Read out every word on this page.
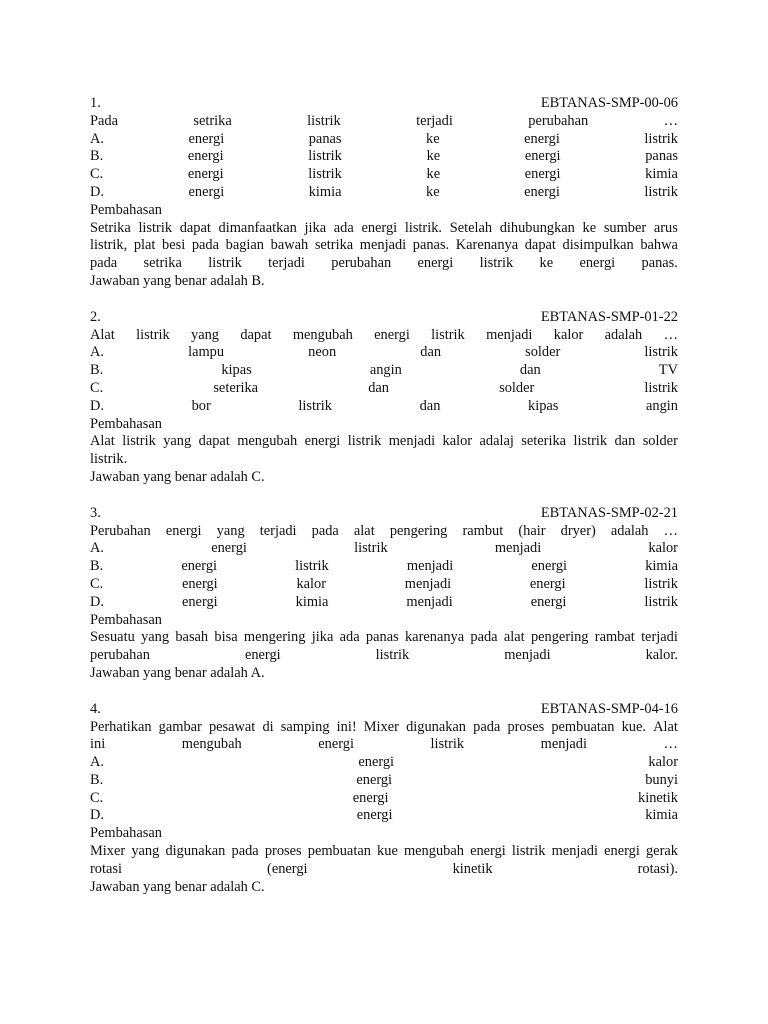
1.	EBTANAS-SMP-00-06
Pada	setrika	listrik	terjadi	perubahan	…
A.	energi	panas	ke	energi	listrik
B.	energi	listrik	ke	energi	panas
C.	energi	listrik	ke	energi	kimia
D.	energi	kimia	ke	energi	listrik
Pembahasan
Setrika listrik dapat dimanfaatkan jika ada energi listrik. Setelah dihubungkan ke sumber arus
listrik, plat besi pada bagian bawah setrika menjadi panas. Karenanya dapat disimpulkan bahwa
pada setrika listrik terjadi perubahan energi listrik ke energi panas.
Jawaban yang benar adalah B.
2.	EBTANAS-SMP-01-22
Alat listrik yang dapat mengubah energi listrik menjadi kalor adalah …
A.	lampu	neon	dan	solder	listrik
B.	kipas	angin	dan	TV
C.	seterika	dan	solder	listrik
D.	bor	listrik	dan	kipas	angin
Pembahasan
Alat listrik yang dapat mengubah energi listrik menjadi kalor adalaj seterika listrik dan solder
listrik.
Jawaban yang benar adalah C.
3.	EBTANAS-SMP-02-21
Perubahan energi yang terjadi pada alat pengering rambut (hair dryer) adalah …
A.	energi	listrik	menjadi	kalor
B.	energi	listrik	menjadi	energi	kimia
C.	energi	kalor	menjadi	energi	listrik
D.	energi	kimia	menjadi	energi	listrik
Pembahasan
Sesuatu yang basah bisa mengering jika ada panas karenanya pada alat pengering rambat terjadi
perubahan	energi	listrik	menjadi	kalor.
Jawaban yang benar adalah A.
4.	EBTANAS-SMP-04-16
Perhatikan gambar pesawat di samping ini! Mixer digunakan pada proses pembuatan kue. Alat
ini	mengubah	energi	listrik	menjadi	…
A.	energi	kalor
B.	energi	bunyi
C.	energi	kinetik
D.	energi	kimia
Pembahasan
Mixer yang digunakan pada proses pembuatan kue mengubah energi listrik menjadi energi gerak
rotasi	(energi	kinetik	rotasi).
Jawaban yang benar adalah C.
